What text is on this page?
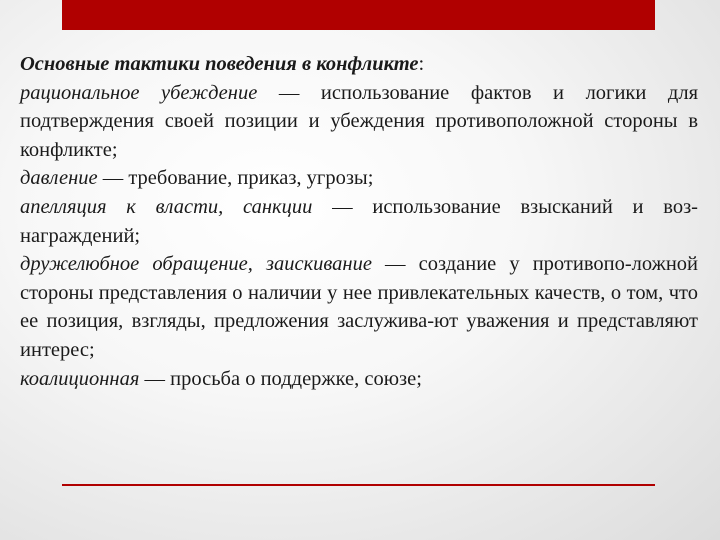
Основные тактики поведения в конфликте:

рациональное убеждение — использование фактов и логики для подтверждения своей позиции и убеждения противоположной стороны в конфликте;

давление — требование, приказ, угрозы;

апелляция к власти, санкции — использование взысканий и воз-награждений;

дружелюбное обращение, заискивание — создание у противопо-ложной стороны представления о наличии у нее привлекательных качеств, о том, что ее позиция, взгляды, предложения заслужива-ют уважения и представляют интерес;

коалиционная — просьба о поддержке, союзе;
